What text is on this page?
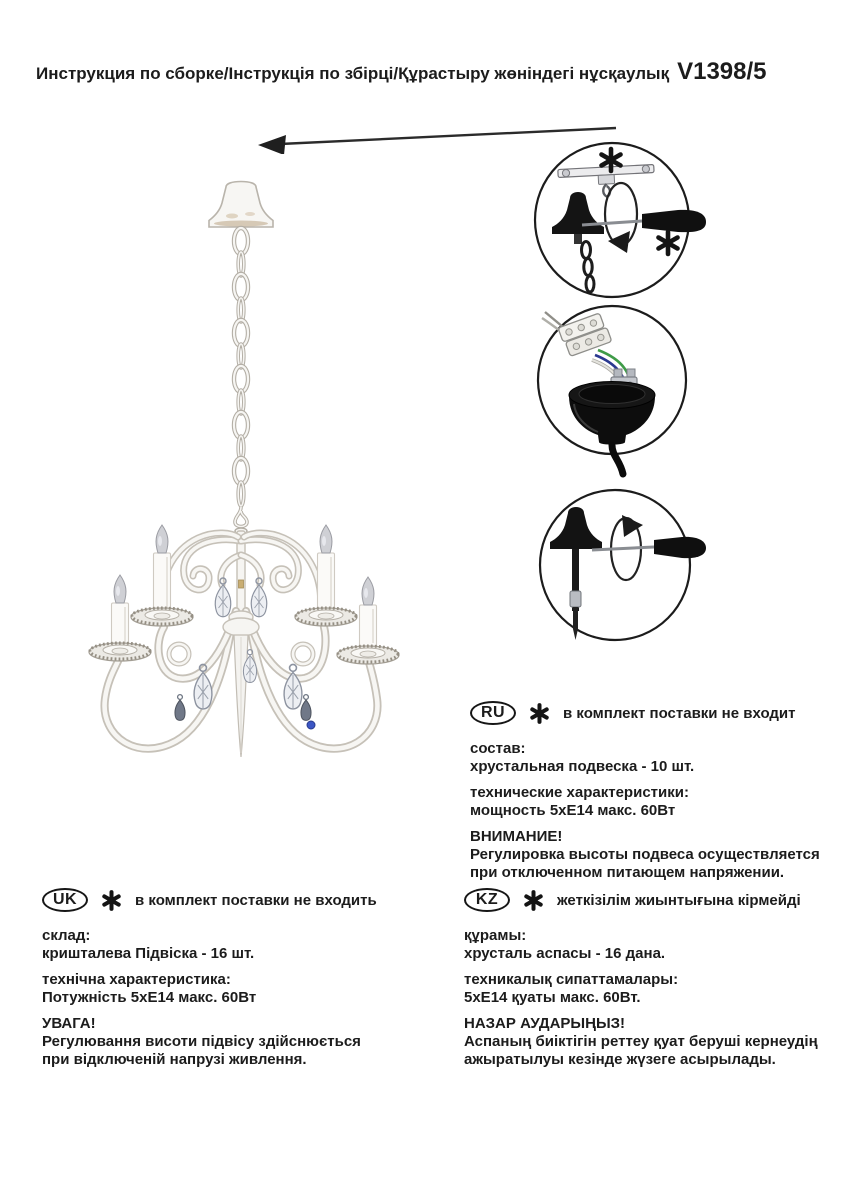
Инструкция по сборке/Інструкція по збірці/Құрастыру жөніндегі нұсқаулық V1398/5
RU	в комплект поставки не входит

состав:
хрустальная подвеска - 10 шт.

технические характеристики:
мощность 5хЕ14 макс. 60Вт

ВНИМАНИЕ!
Регулировка высоты подвеса осуществляется
при отключенном питающем напряжении.

UK	в комплект поставки не входить

склад:
кришталева Підвіска - 16 шт.

технічна характеристика:
Потужність 5хЕ14 макс. 60Вт

УВАГА!
Регулювання висоти підвісу здійснюється
при відключеній напрузі живлення.

KZ	жеткізілім жиынтығына кірмейді

құрамы:
хрусталь аспасы - 16 дана.

техникалық сипаттамалары:
5хЕ14 қуаты макс. 60Вт.

НАЗАР АУДАРЫҢЫЗ!
Аспаның биіктігін реттеу қуат беруші кернеудің
ажыратылуы кезінде жүзеге асырылады.
